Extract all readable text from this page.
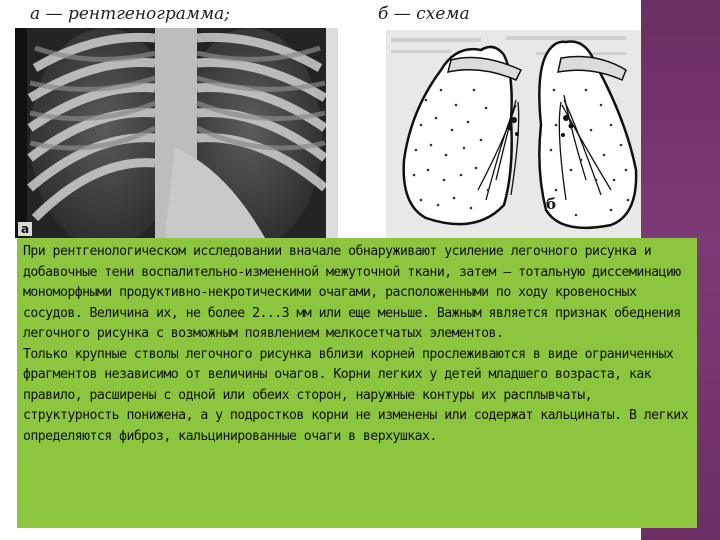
а — рентгенограмма;	б — схема
а
б

При рентгенологическом исследовании вначале обнаруживают усиление легочного рисунка и добавочные тени воспалительно-измененной межуточной ткани, затем — тотальную диссеминацию мономорфными продуктивно-некротическими очагами, расположенными по ходу кровеносных сосудов. Величина их, не более 2...3 мм или еще меньше. Важным является признак обеднения легочного рисунка с возможным появлением мелкосетчатых элементов.

Только крупные стволы легочного рисунка вблизи корней прослеживаются в виде ограниченных фрагментов независимо от величины очагов. Корни легких у детей младшего возраста, как правило, расширены с одной или обеих сторон, наружные контуры их расплывчаты, структурность понижена, а у подростков корни не изменены или содержат кальцинаты. В легких определяются фиброз, кальцинированные очаги в верхушках.
